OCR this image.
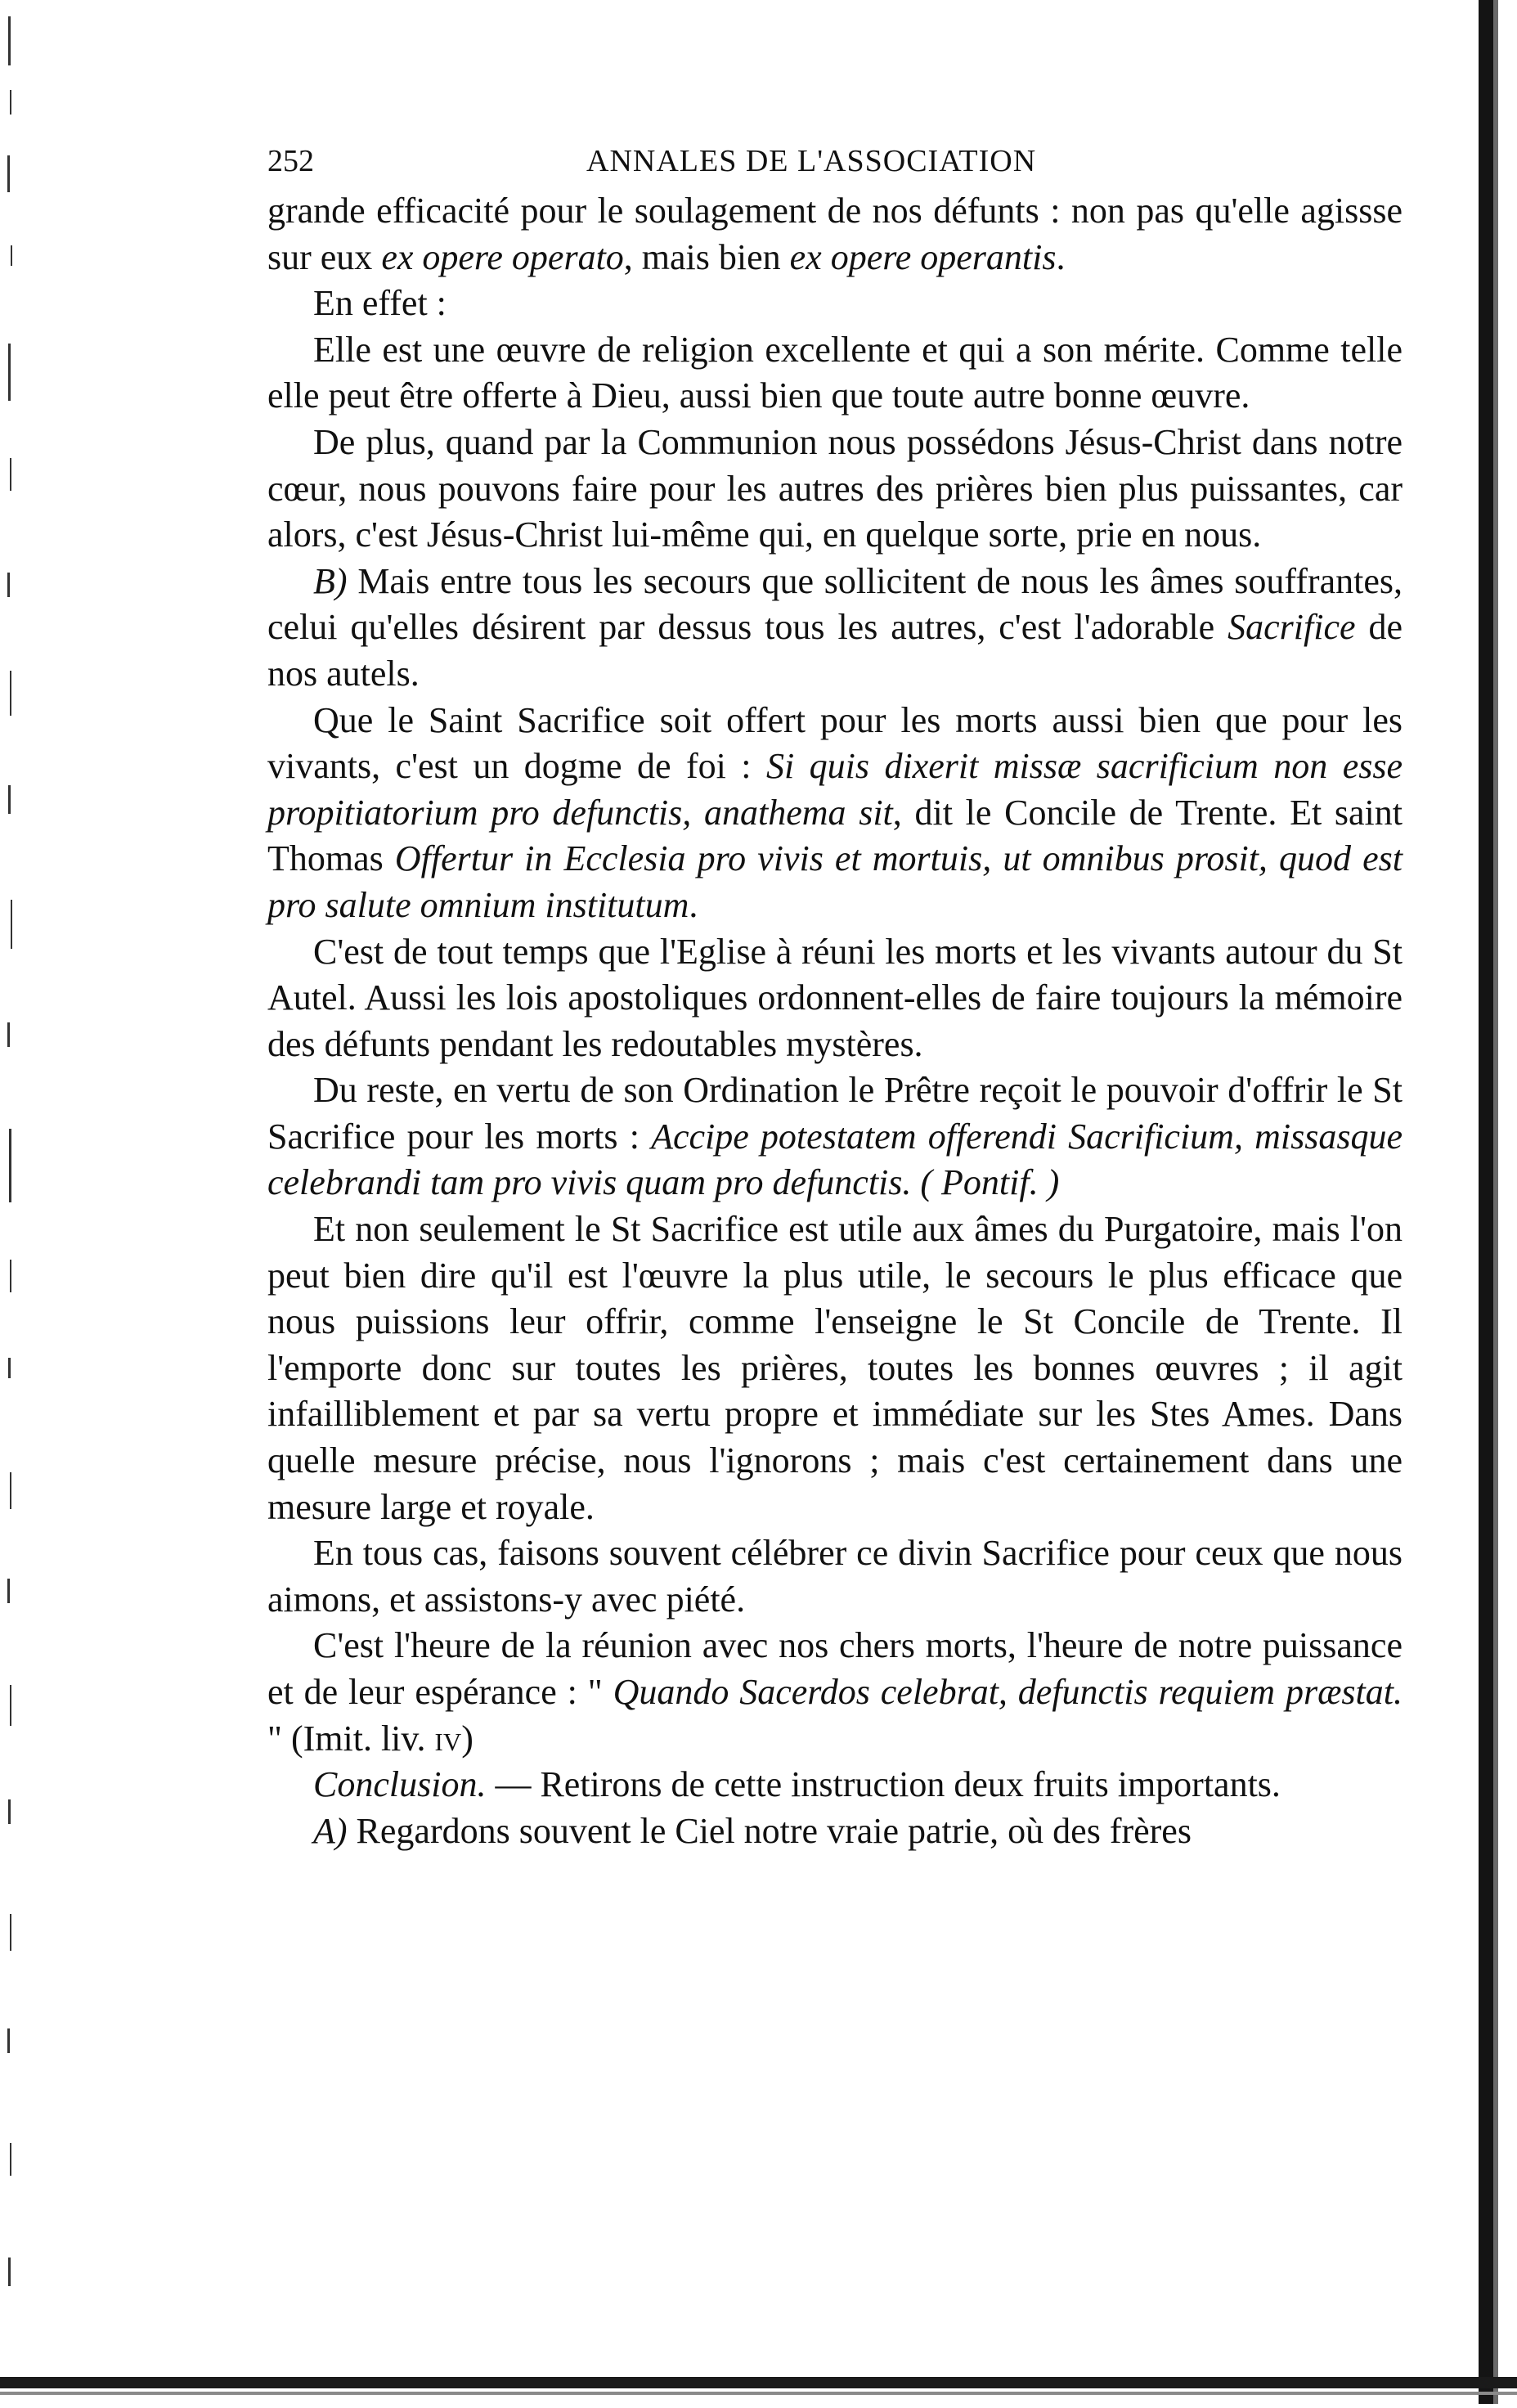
252	ANNALES DE L'ASSOCIATION

grande efficacité pour le soulagement de nos défunts : non pas qu'elle agissse sur eux ex opere operato, mais bien ex opere operantis.

En effet :

Elle est une œuvre de religion excellente et qui a son mérite. Comme telle elle peut être offerte à Dieu, aussi bien que toute autre bonne œuvre.

De plus, quand par la Communion nous possédons Jésus-Christ dans notre cœur, nous pouvons faire pour les autres des prières bien plus puissantes, car alors, c'est Jésus-Christ lui-même qui, en quelque sorte, prie en nous.

B) Mais entre tous les secours que sollicitent de nous les âmes souffrantes, celui qu'elles désirent par dessus tous les autres, c'est l'adorable Sacrifice de nos autels.

Que le Saint Sacrifice soit offert pour les morts aussi bien que pour les vivants, c'est un dogme de foi : Si quis dixerit missæ sacrificium non esse propitiatorium pro defunctis, anathema sit, dit le Concile de Trente. Et saint Thomas Offertur in Ecclesia pro vivis et mortuis, ut omnibus prosit, quod est pro salute omnium institutum.

C'est de tout temps que l'Eglise à réuni les morts et les vivants autour du St Autel. Aussi les lois apostoliques ordonnent-elles de faire toujours la mémoire des défunts pendant les redoutables mystères.

Du reste, en vertu de son Ordination le Prêtre reçoit le pouvoir d'offrir le St Sacrifice pour les morts : Accipe potestatem offerendi Sacrificium, missasque celebrandi tam pro vivis quam pro defunctis. ( Pontif. )

Et non seulement le St Sacrifice est utile aux âmes du Purgatoire, mais l'on peut bien dire qu'il est l'œuvre la plus utile, le secours le plus efficace que nous puissions leur offrir, comme l'enseigne le St Concile de Trente. Il l'emporte donc sur toutes les prières, toutes les bonnes œuvres ; il agit infailliblement et par sa vertu propre et immédiate sur les Stes Ames. Dans quelle mesure précise, nous l'ignorons ; mais c'est certainement dans une mesure large et royale.

En tous cas, faisons souvent célébrer ce divin Sacrifice pour ceux que nous aimons, et assistons-y avec piété.

C'est l'heure de la réunion avec nos chers morts, l'heure de notre puissance et de leur espérance : " Quando Sacerdos celebrat, defunctis requiem præstat. " (Imit. liv. iv)

Conclusion. — Retirons de cette instruction deux fruits importants.

A) Regardons souvent le Ciel notre vraie patrie, où des frères
